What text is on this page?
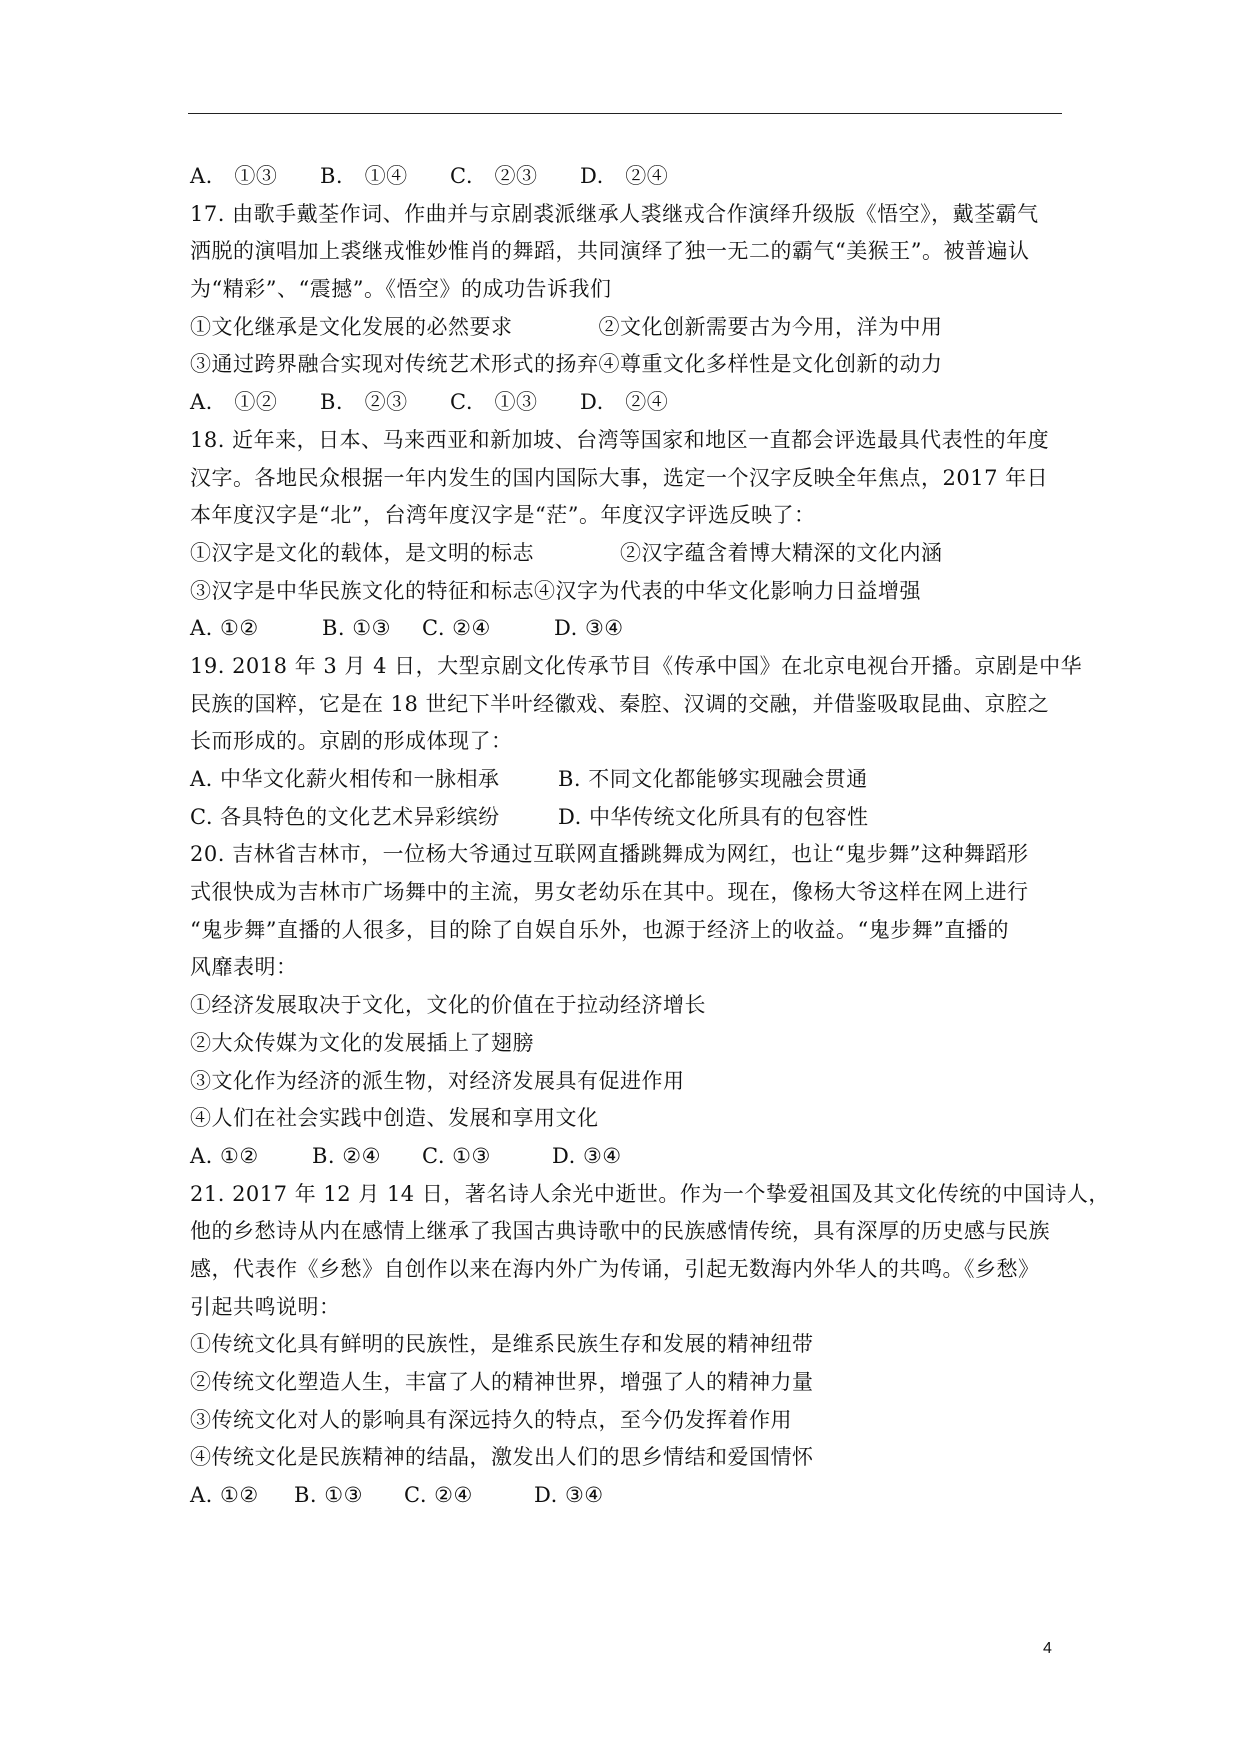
A.　①③ B.　①④ C.　②③ D.　②④
17. 由歌手戴荃作词、作曲并与京剧裘派继承人裘继戎合作演绎升级版《悟空》，戴荃霸气
洒脱的演唱加上裘继戎惟妙惟肖的舞蹈，共同演绎了独一无二的霸气“美猴王”。被普遍认
为“精彩”、“震撼”。《悟空》的成功告诉我们
①文化继承是文化发展的必然要求　　　　②文化创新需要古为今用，洋为中用
③通过跨界融合实现对传统艺术形式的扬弃④尊重文化多样性是文化创新的动力
A.　①② B.　②③ C.　①③ D.　②④
18. 近年来，日本、马来西亚和新加坡、台湾等国家和地区一直都会评选最具代表性的年度
汉字。各地民众根据一年内发生的国内国际大事，选定一个汉字反映全年焦点，2017 年日
本年度汉字是“北”，台湾年度汉字是“茫”。年度汉字评选反映了：
①汉字是文化的载体，是文明的标志　　　　②汉字蕴含着博大精深的文化内涵
③汉字是中华民族文化的特征和标志④汉字为代表的中华文化影响力日益增强
A. ①②	B. ①③ C. ②④	D. ③④
19. 2018 年 3 月 4 日，大型京剧文化传承节目《传承中国》在北京电视台开播。京剧是中华
民族的国粹，它是在 18 世纪下半叶经徽戏、秦腔、汉调的交融，并借鉴吸取昆曲、京腔之
长而形成的。京剧的形成体现了：
A. 中华文化薪火相传和一脉相承	B. 不同文化都能够实现融会贯通
C. 各具特色的文化艺术异彩缤纷	D. 中华传统文化所具有的包容性
20. 吉林省吉林市，一位杨大爷通过互联网直播跳舞成为网红，也让“鬼步舞”这种舞蹈形
式很快成为吉林市广场舞中的主流，男女老幼乐在其中。现在，像杨大爷这样在网上进行
“鬼步舞”直播的人很多，目的除了自娱自乐外，也源于经济上的收益。“鬼步舞”直播的
风靡表明：
①经济发展取决于文化，文化的价值在于拉动经济增长
②大众传媒为文化的发展插上了翅膀
③文化作为经济的派生物，对经济发展具有促进作用
④人们在社会实践中创造、发展和享用文化
A. ①②	B. ②④ C. ①③	D. ③④
21. 2017 年 12 月 14 日，著名诗人余光中逝世。作为一个挚爱祖国及其文化传统的中国诗人，
他的乡愁诗从内在感情上继承了我国古典诗歌中的民族感情传统，具有深厚的历史感与民族
感，代表作《乡愁》自创作以来在海内外广为传诵，引起无数海内外华人的共鸣。《乡愁》
引起共鸣说明：
①传统文化具有鲜明的民族性，是维系民族生存和发展的精神纽带
②传统文化塑造人生，丰富了人的精神世界，增强了人的精神力量
③传统文化对人的影响具有深远持久的特点，至今仍发挥着作用
④传统文化是民族精神的结晶，激发出人们的思乡情结和爱国情怀
A. ①② B. ①③ C. ②④	D. ③④
4
